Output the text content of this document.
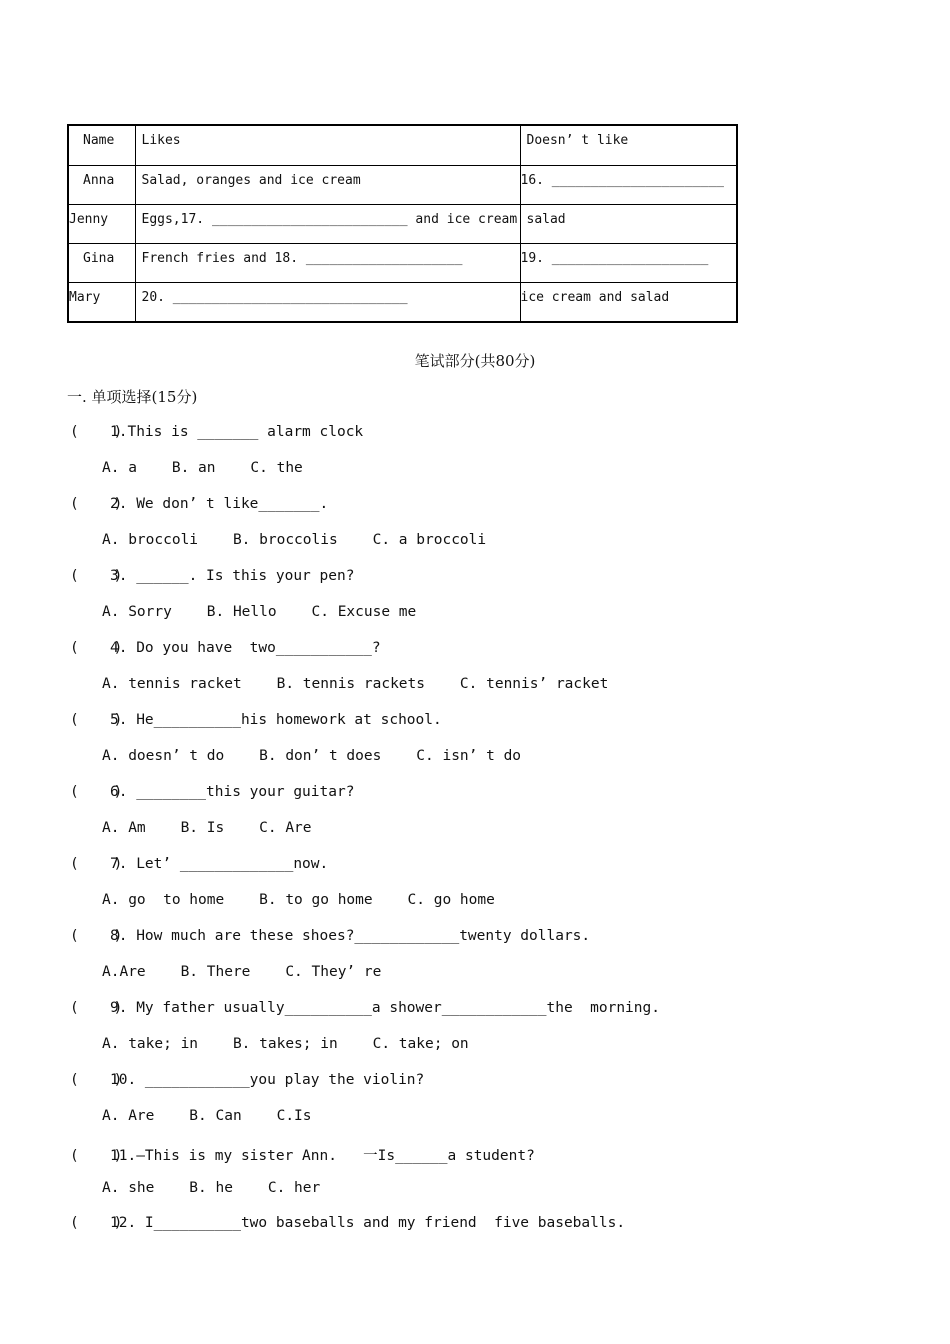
Name	Likes	Doesn’ t like
Anna	Salad, oranges and ice cream	16. ______________________
Jenny	Eggs,17. _________________________ and ice cream	salad
Gina	French fries and 18. ____________________	19. ____________________
Mary	20. ______________________________	ice cream and salad
笔试部分(共80分)
一. 单项选择(15分)
(    )1.This is _______ alarm clock
A. a    B. an    C. the
(    )2. We don’ t like_______.
A. broccoli    B. broccolis    C. a broccoli
(    )3. ______. Is this your pen?
A. Sorry    B. Hello    C. Excuse me
(    )4. Do you have  two___________?
A. tennis racket    B. tennis rackets    C. tennis’ racket
(    )5. He__________his homework at school.
A. doesn’ t do    B. don’ t does    C. isn’ t do
(    )6. ________this your guitar?
A. Am    B. Is    C. Are
(    )7. Let’ _____________now.
A. go  to home    B. to go home    C. go home
(    )8. How much are these shoes?____________twenty dollars.
A.Are    B. There    C. They’ re
(    )9. My father usually__________a shower____________the  morning.
A. take; in    B. takes; in    C. take; on
(    )10. ____________you play the violin?
A. Are    B. Can    C.Is
(    )11.—This is my sister Ann.   一Is______a student?
A. she    B. he    C. her
(    )12. I__________two baseballs and my friend  five baseballs.
